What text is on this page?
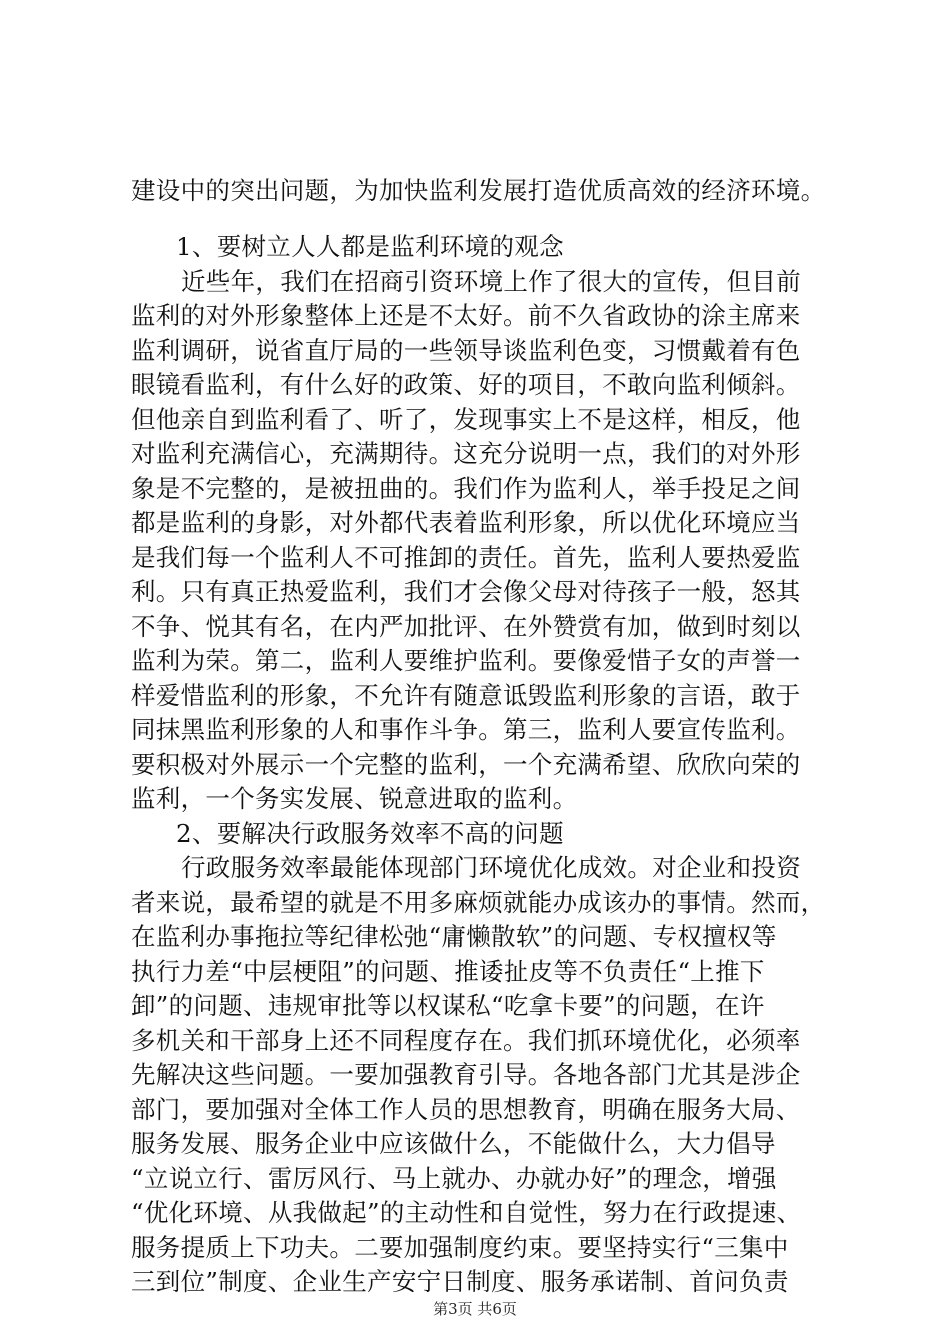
建设中的突出问题，为加快监利发展打造优质高效的经济环境。
1、要树立人人都是监利环境的观念
近些年，我们在招商引资环境上作了很大的宣传，但目前
监利的对外形象整体上还是不太好。前不久省政协的涂主席来
监利调研，说省直厅局的一些领导谈监利色变，习惯戴着有色
眼镜看监利，有什么好的政策、好的项目，不敢向监利倾斜。
但他亲自到监利看了、听了，发现事实上不是这样，相反，他
对监利充满信心，充满期待。这充分说明一点，我们的对外形
象是不完整的，是被扭曲的。我们作为监利人，举手投足之间
都是监利的身影，对外都代表着监利形象，所以优化环境应当
是我们每一个监利人不可推卸的责任。首先，监利人要热爱监
利。只有真正热爱监利，我们才会像父母对待孩子一般，怒其
不争、悦其有名，在内严加批评、在外赞赏有加，做到时刻以
监利为荣。第二，监利人要维护监利。要像爱惜子女的声誉一
样爱惜监利的形象，不允许有随意诋毁监利形象的言语，敢于
同抹黑监利形象的人和事作斗争。第三，监利人要宣传监利。
要积极对外展示一个完整的监利，一个充满希望、欣欣向荣的
监利，一个务实发展、锐意进取的监利。
2、要解决行政服务效率不高的问题
行政服务效率最能体现部门环境优化成效。对企业和投资
者来说，最希望的就是不用多麻烦就能办成该办的事情。然而，
在监利办事拖拉等纪律松弛“庸懒散软”的问题、专权擅权等
执行力差“中层梗阻”的问题、推诿扯皮等不负责任“上推下
卸”的问题、违规审批等以权谋私“吃拿卡要”的问题，在许
多机关和干部身上还不同程度存在。我们抓环境优化，必须率
先解决这些问题。一要加强教育引导。各地各部门尤其是涉企
部门，要加强对全体工作人员的思想教育，明确在服务大局、
服务发展、服务企业中应该做什么，不能做什么，大力倡导
“立说立行、雷厉风行、马上就办、办就办好”的理念，增强
“优化环境、从我做起”的主动性和自觉性，努力在行政提速、
服务提质上下功夫。二要加强制度约束。要坚持实行“三集中
三到位”制度、企业生产安宁日制度、服务承诺制、首问负责
第3页 共6页
